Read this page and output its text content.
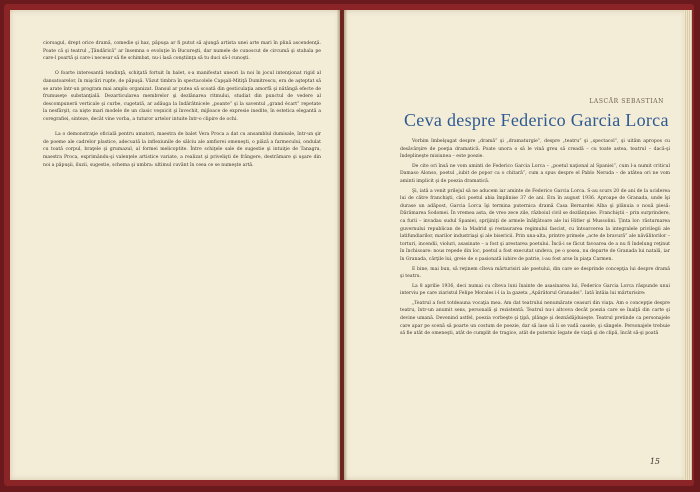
ciorsagul, drept orice dramă, comedie şi haz, păpuşa ar fi putut să ajungă artista unei arte mari în plină ascendenţă. Poate că şi teatrul „Ţăndărică” ar însemna o evoluţie în Bucureşti, dar numele de cunoscut de circumă şi stahala pe care-l poartă şi care-i necesar să fie schimbat, nu-i lasă conştiinţa să tu duci să-l cunoşti.

O foarte interesantă tendinţă, schiţată fortuit în balet, s-a manifestat uneori la noi în jocul intenţionat rigid al dansatoarelor, în mişcări rupte, de păpuşă. Văzut timbra în spectacolele Capşali-Mitiţă Dumitrescu, era de aşteptat să se arate într-un program mai amplu organizat. Dansul ar putea să scoată din gesticulaţia amorfă şi nătângă efecte de frumuseţe substanţială. Dezarticularea membrelor şi dezlânarea ritmului, studiat din punctul de vedere al descompunerii verticale şi curbe, cugetată, ar adăuga la îndărătnicele „poante” şi la saventul „grand écart” repetate la nesfârşit, ca nişte mari modele de un clasic veşnicit şi învechit, mijloace de expresie inedite, în estetica elegantă a coregrafiei, sinteze, decât vine vorba, a tuturor artelor intuite într-o clipire de ochi.

La o demonstraţie oficială pentru amatori, maestra de balet Vera Proca a dat cu ansamblul dumisale, într-un şir de poeme ale cadrelor plastice, adecuată la inflexiunile de sălciu ale amfiorei omeneşti, o piăză a farmecului, ondulat cu toată corpul, braţele şi grumazul, al formei melicoptite. Între schiţele sale de sugestie şi intuiţie de Tanagra, maestra Proca, exprimându-şi valenţele artistice variate, a realizat şi privelişti de frângere, destrămare şi uşare din noi a păpuşii, iluzii, sugestie, schema şi umbra: ultimul cuvânt în ceea ce se numeşte artă.

LASCĂR SEBASTIAN
Ceva despre Federico Garcia Lorca

Vorbim îmbelşugat despre „dramă” şi „dramaturgie”, despre „teatru” şi „spectacol”, şi uităm apropos cu desăvârşire de poeţia dramatică. Poate unora o să le vină greu să creadă – cu toate astea, teatrul – dacă-şi îndeplineşte misiunea – este poezie.

De cite ori însă ne vom aminti de Federico Garcia Lorca – „poetul naţional al Spaniei”, cum l-a numit criticul Damaso Alonso, poetul „iubit de popor ca o chitară”, cum a spus despre el Pablo Neruda – de atâtea ori ne vom aminti implicit şi de poezia dramatică.

Şi, iată a venit prilejul să ne aducem iar aminte de Federico Garcia Lorca. S-au scurs 20 de ani de la uciderea lui de către franchişti, căci poetul abia împlinise 37 de ani. Era în august 1936. Aproape de Granada, unde îşi durase un adăpost, Garcia Lorca îşi termina puternica dramă Casa Bernardei Alba şi plănuia o nouă piesă: Dărâmarea Sodomei. În vremea asta, de vreo zece zile, războiul civil se dezlănţuise. Franchiştii – prin surprindere, ca furii – invadau sudul Spaniei, sprijiniţi de armele înălţătoare ale lui Hitler şi Mussolini. Ţinta lor: răsturnarea guvernului republican de la Madrid şi restaurarea regimului fascist, cu întoarcerea la integralele privilegii ale latifundiarilor, marilor industriaşi şi ale bisericii. Prin una-alta, printre primele „acte de bravură” ale năvălitorilor – torturi, incendii, violuri, asasinate – a fost şi arestarea poetului. Încă-i se făcut favoarea de a nu fi îndelung reţinut în închisoare: nous repede din loc, poetul a fost executat undeva, pe o şosea, nu departe de Granada lui natală, iar în Granada, cărţile lui, greie de o pasionată iubire de patrie, i-au fost arse în piaţa Carmen.

E bine, mai bun, să reţinem cîteva mărturisiri ale poetului, din care se desprinde concepţia lui despre dramă şi teatru.

La 8 aprilie 1936, deci numai cu cîteva luni înainte de asasinarea lui, Federico Garcia Lorca răspunde unui interviu pe care ziaristul Felipe Morales i-l ia la gazeta „Apărătorul Granadei”. Iată întâia lui mărturisire:

„Teatrul a fost totdeauna vocaţia mea. Am dat teatrului nenumărate ceasuri din viaţa. Am o concepţie despre teatru, într-un anumit sens, personală şi rezistentă. Teatrul nu-i altceva decât poezia care se înalţă din carte şi devine umană. Devenind astfel, poezia vorbeşte şi ţipă, plânge şi deznădăjduieşte. Teatrul pretinde ca personajele care apar pe scenă să poarte un costum de poezie, dar să lase să li se vadă oasele, şi sângele. Personajele trebuie să fie atât de omeneşti, atât de cumplit de tragice, atât de puternic legate de viaţă şi de clipă, încât să-şi poată

15
